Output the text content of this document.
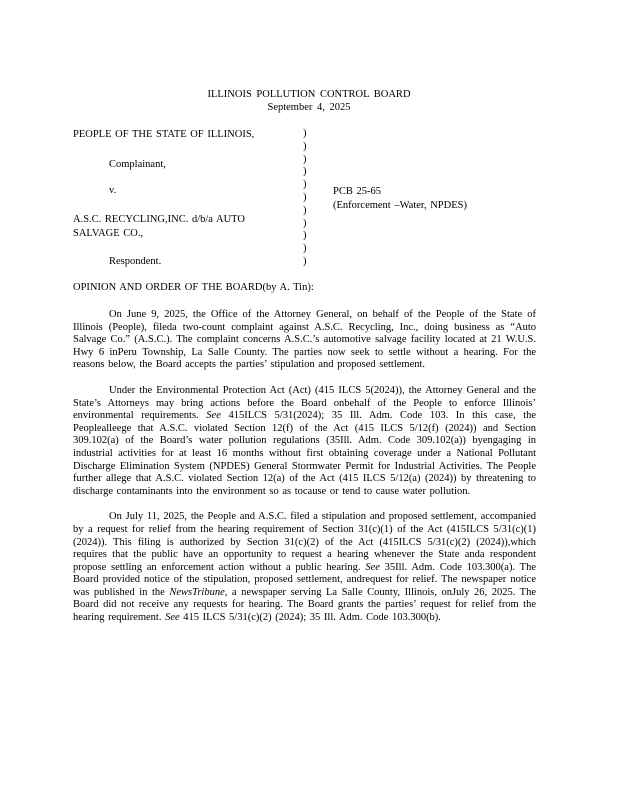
ILLINOIS POLLUTION CONTROL BOARD
September 4, 2025
PEOPLE OF THE STATE OF ILLINOIS,
Complainant,
v.
A.S.C. RECYCLING,INC. d/b/a AUTO
SALVAGE CO.,
Respondent.
)
)
)
)
)
)
)
)
)
)
)
PCB 25-65
(Enforcement –Water, NPDES)
OPINION AND ORDER OF THE BOARD(by A. Tin):

On June 9, 2025, the Office of the Attorney General, on behalf of the People of the State of Illinois (People), fileda two-count complaint against A.S.C. Recycling, Inc., doing business as “Auto Salvage Co.” (A.S.C.). The complaint concerns A.S.C.’s automotive salvage facility located at 21 W.U.S. Hwy 6 inPeru Township, La Salle County. The parties now seek to settle without a hearing. For the reasons below, the Board accepts the parties’ stipulation and proposed settlement.

Under the Environmental Protection Act (Act) (415 ILCS 5(2024)), the Attorney General and the State’s Attorneys may bring actions before the Board onbehalf of the People to enforce Illinois’ environmental requirements. See 415ILCS 5/31(2024); 35 Ill. Adm. Code 103. In this case, the Peoplealleege that A.S.C. violated Section 12(f) of the Act (415 ILCS 5/12(f) (2024)) and Section 309.102(a) of the Board’s water pollution regulations (35Ill. Adm. Code 309.102(a)) byengaging in industrial activities for at least 16 months without first obtaining coverage under a National Pollutant Discharge Elimination System (NPDES) General Stormwater Permit for Industrial Activities. The People further allege that A.S.C. violated Section 12(a) of the Act (415 ILCS 5/12(a) (2024)) by threatening to discharge contaminants into the environment so as tocause or tend to cause water pollution.

On July 11, 2025, the People and A.S.C. filed a stipulation and proposed settlement, accompanied by a request for relief from the hearing requirement of Section 31(c)(1) of the Act (415ILCS 5/31(c)(1) (2024)). This filing is authorized by Section 31(c)(2) of the Act (415ILCS 5/31(c)(2) (2024)),which requires that the public have an opportunity to request a hearing whenever the State anda respondent propose settling an enforcement action without a public hearing. See 35Ill. Adm. Code 103.300(a). The Board provided notice of the stipulation, proposed settlement, andrequest for relief. The newspaper notice was published in the NewsTribune, a newspaper serving La Salle County, Illinois, onJuly 26, 2025. The Board did not receive any requests for hearing. The Board grants the parties’ request for relief from the hearing requirement. See 415 ILCS 5/31(c)(2) (2024); 35 Ill. Adm. Code 103.300(b).
